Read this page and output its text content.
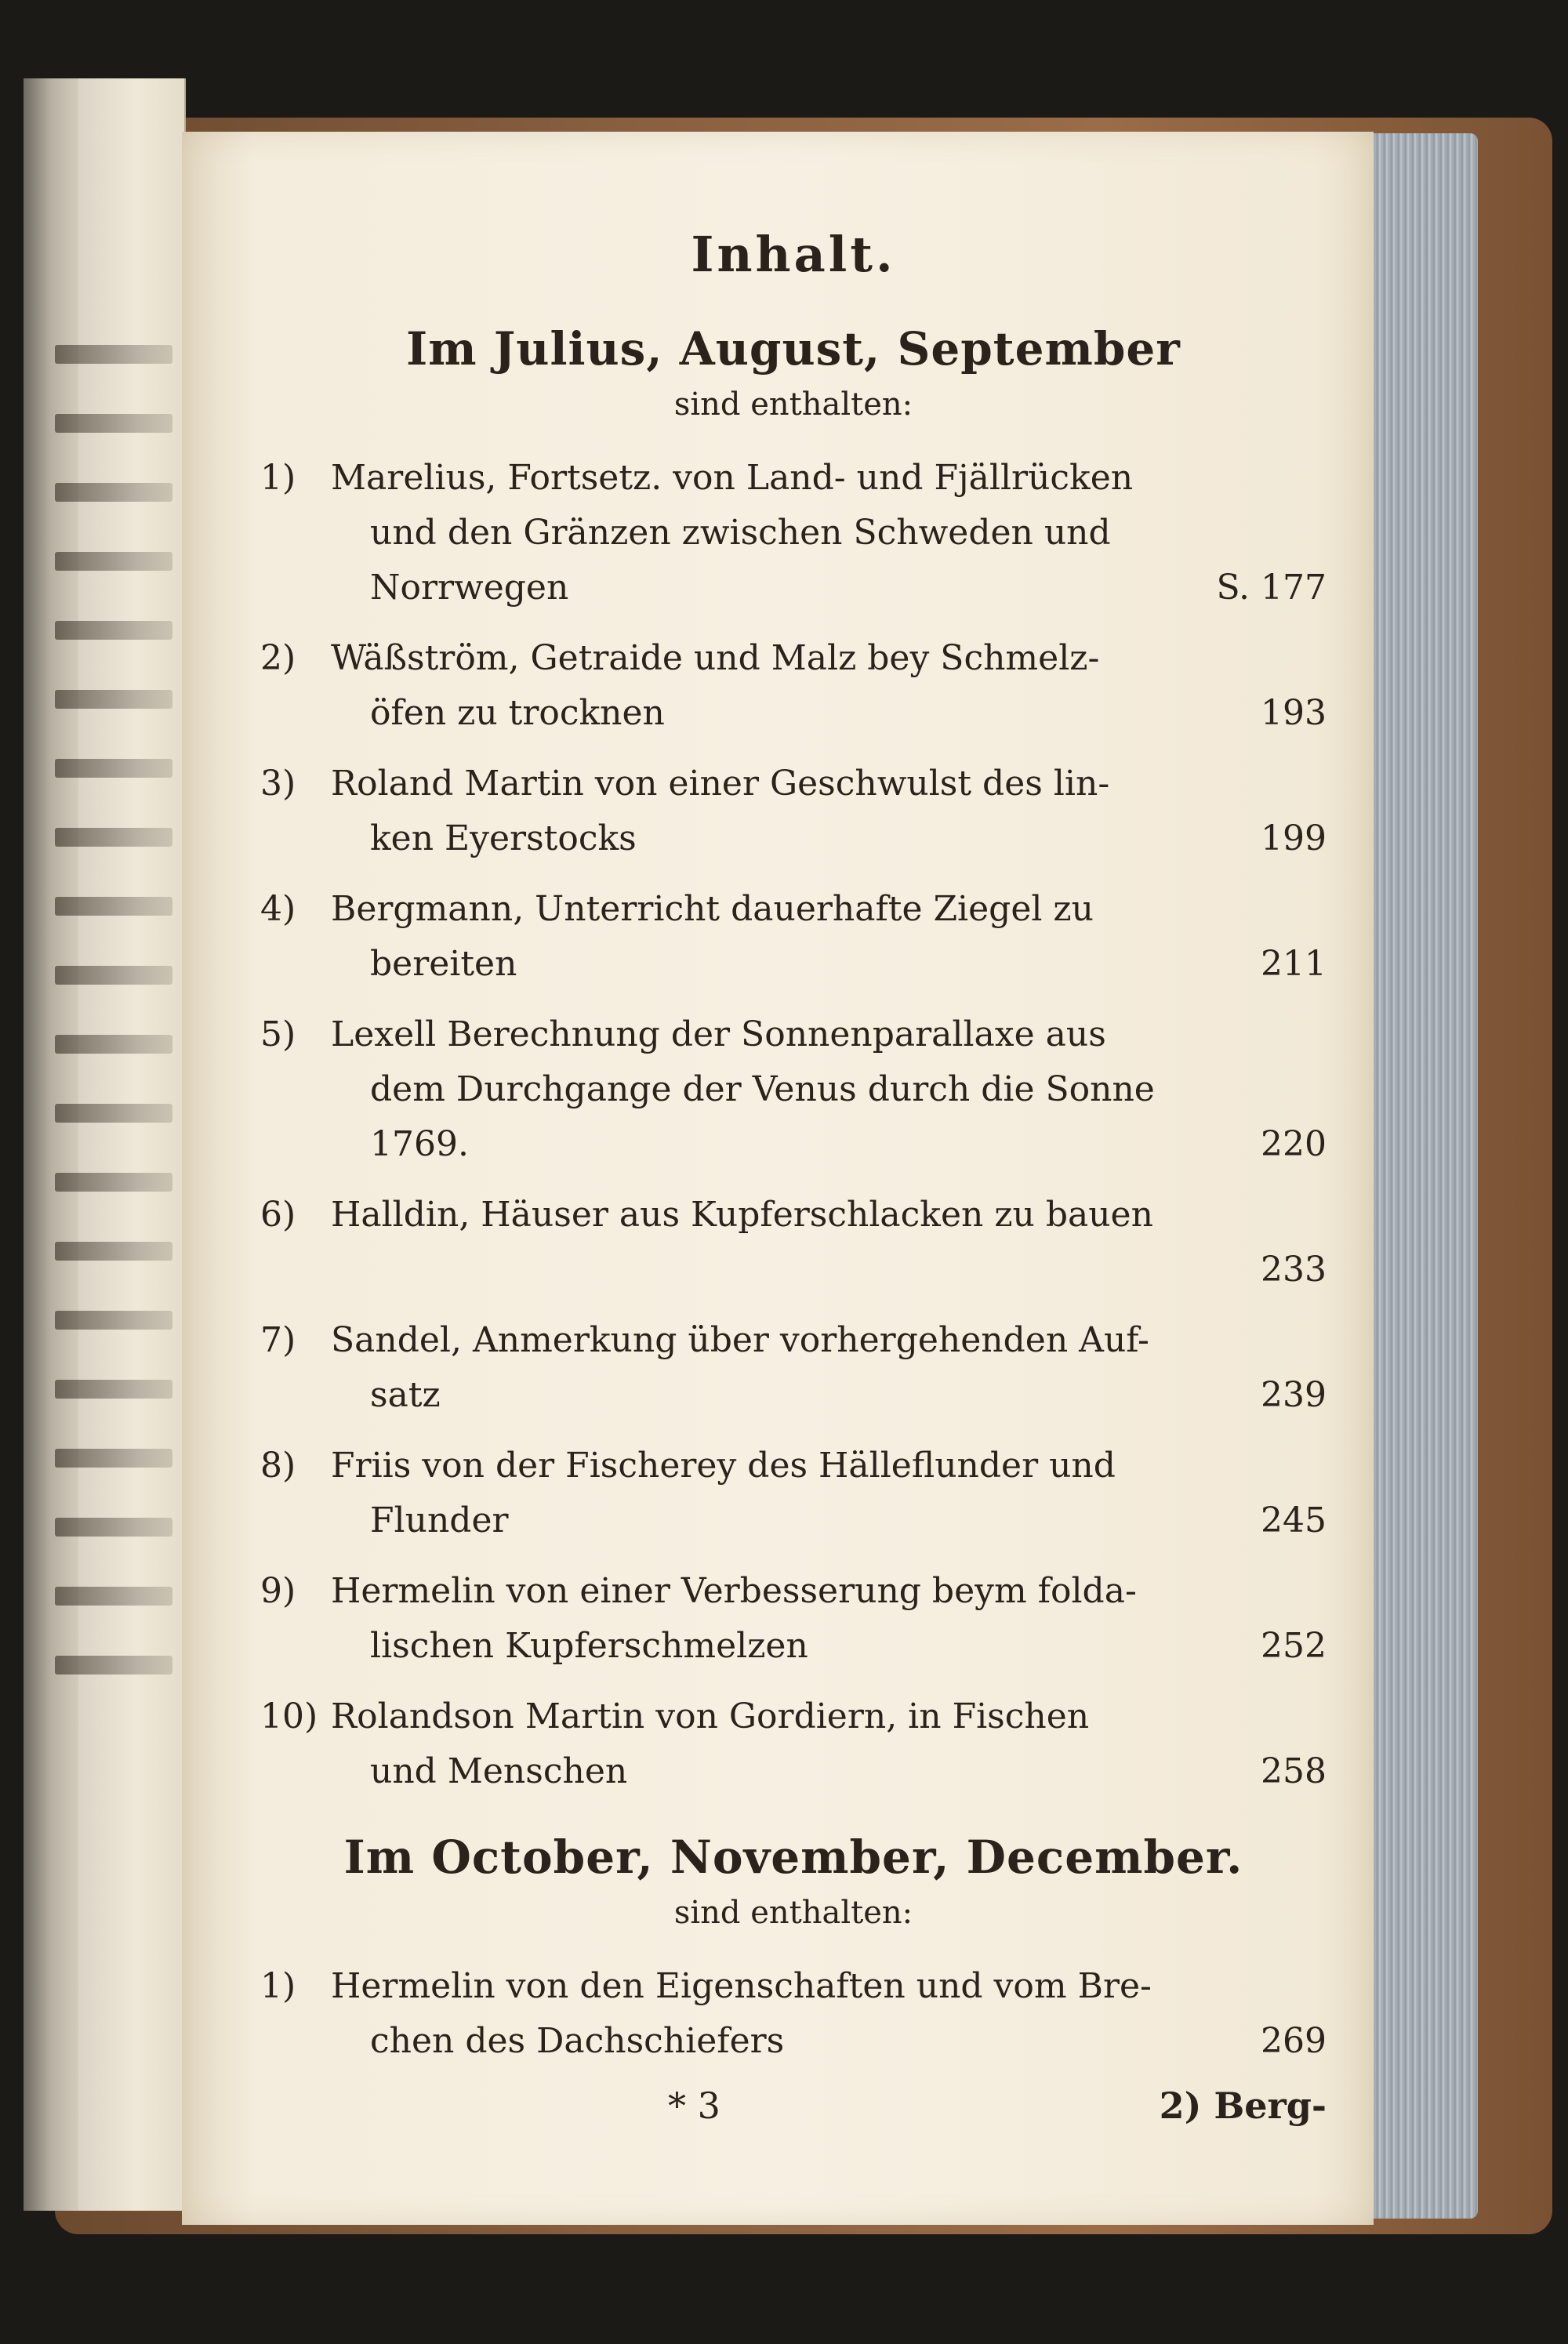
Inhalt.
Im Julius, August, September
sind enthalten:
1) Marelius, Fortsetz. von Land- und Fjällrücken
und den Gränzen zwischen Schweden und
Norrwegen	S. 177
2) Wäßström, Getraide und Malz bey Schmelz-
öfen zu trocknen	193
3) Roland Martin von einer Geschwulst des lin-
ken Eyerstocks	199
4) Bergmann, Unterricht dauerhafte Ziegel zu
bereiten	211
5) Lexell Berechnung der Sonnenparallaxe aus
dem Durchgange der Venus durch die Sonne
1769.	220
6) Halldin, Häuser aus Kupferschlacken zu bauen
233
7) Sandel, Anmerkung über vorhergehenden Auf-
satz	239
8) Friis von der Fischerey des Hälleflunder und
Flunder	245
9) Hermelin von einer Verbesserung beym folda-
lischen Kupferschmelzen	252
10) Rolandson Martin von Gordiern, in Fischen
und Menschen	258
Im October, November, December.
sind enthalten:
1) Hermelin von den Eigenschaften und vom Bre-
chen des Dachschiefers	269
* 3	2) Berg-
